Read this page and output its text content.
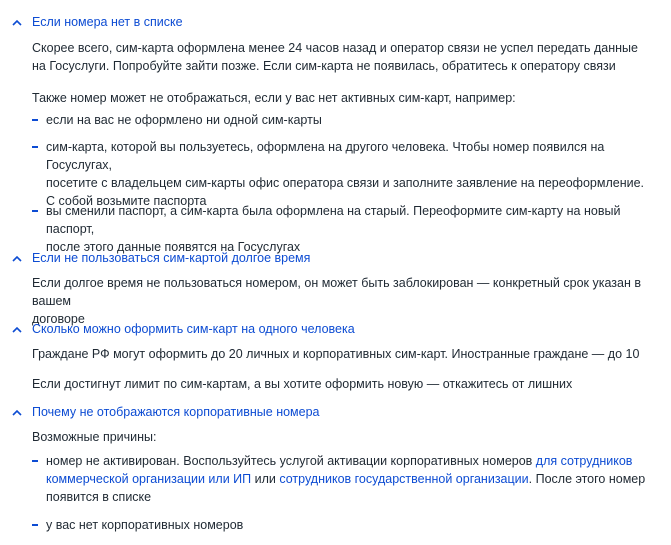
Если номера нет в списке
Скорее всего, сим-карта оформлена менее 24 часов назад и оператор связи не успел передать данные
на Госуслуги. Попробуйте зайти позже. Если сим-карта не появилась, обратитесь к оператору связи
Также номер может не отображаться, если у вас нет активных сим-карт, например:
если на вас не оформлено ни одной сим-карты
сим-карта, которой вы пользуетесь, оформлена на другого человека. Чтобы номер появился на Госуслугах,
посетите с владельцем сим-карты офис оператора связи и заполните заявление на переоформление.
С собой возьмите паспорта
вы сменили паспорт, а сим-карта была оформлена на старый. Переоформите сим-карту на новый паспорт,
после этого данные появятся на Госуслугах
Если не пользоваться сим-картой долгое время
Если долгое время не пользоваться номером, он может быть заблокирован — конкретный срок указан в вашем
договоре
Сколько можно оформить сим-карт на одного человека
Граждане РФ могут оформить до 20 личных и корпоративных сим-карт. Иностранные граждане — до 10
Если достигнут лимит по сим-картам, а вы хотите оформить новую — откажитесь от лишних
Почему не отображаются корпоративные номера
Возможные причины:
номер не активирован. Воспользуйтесь услугой активации корпоративных номеров для сотрудников
коммерческой организации или ИП или сотрудников государственной организации. После этого номер
появится в списке
у вас нет корпоративных номеров
